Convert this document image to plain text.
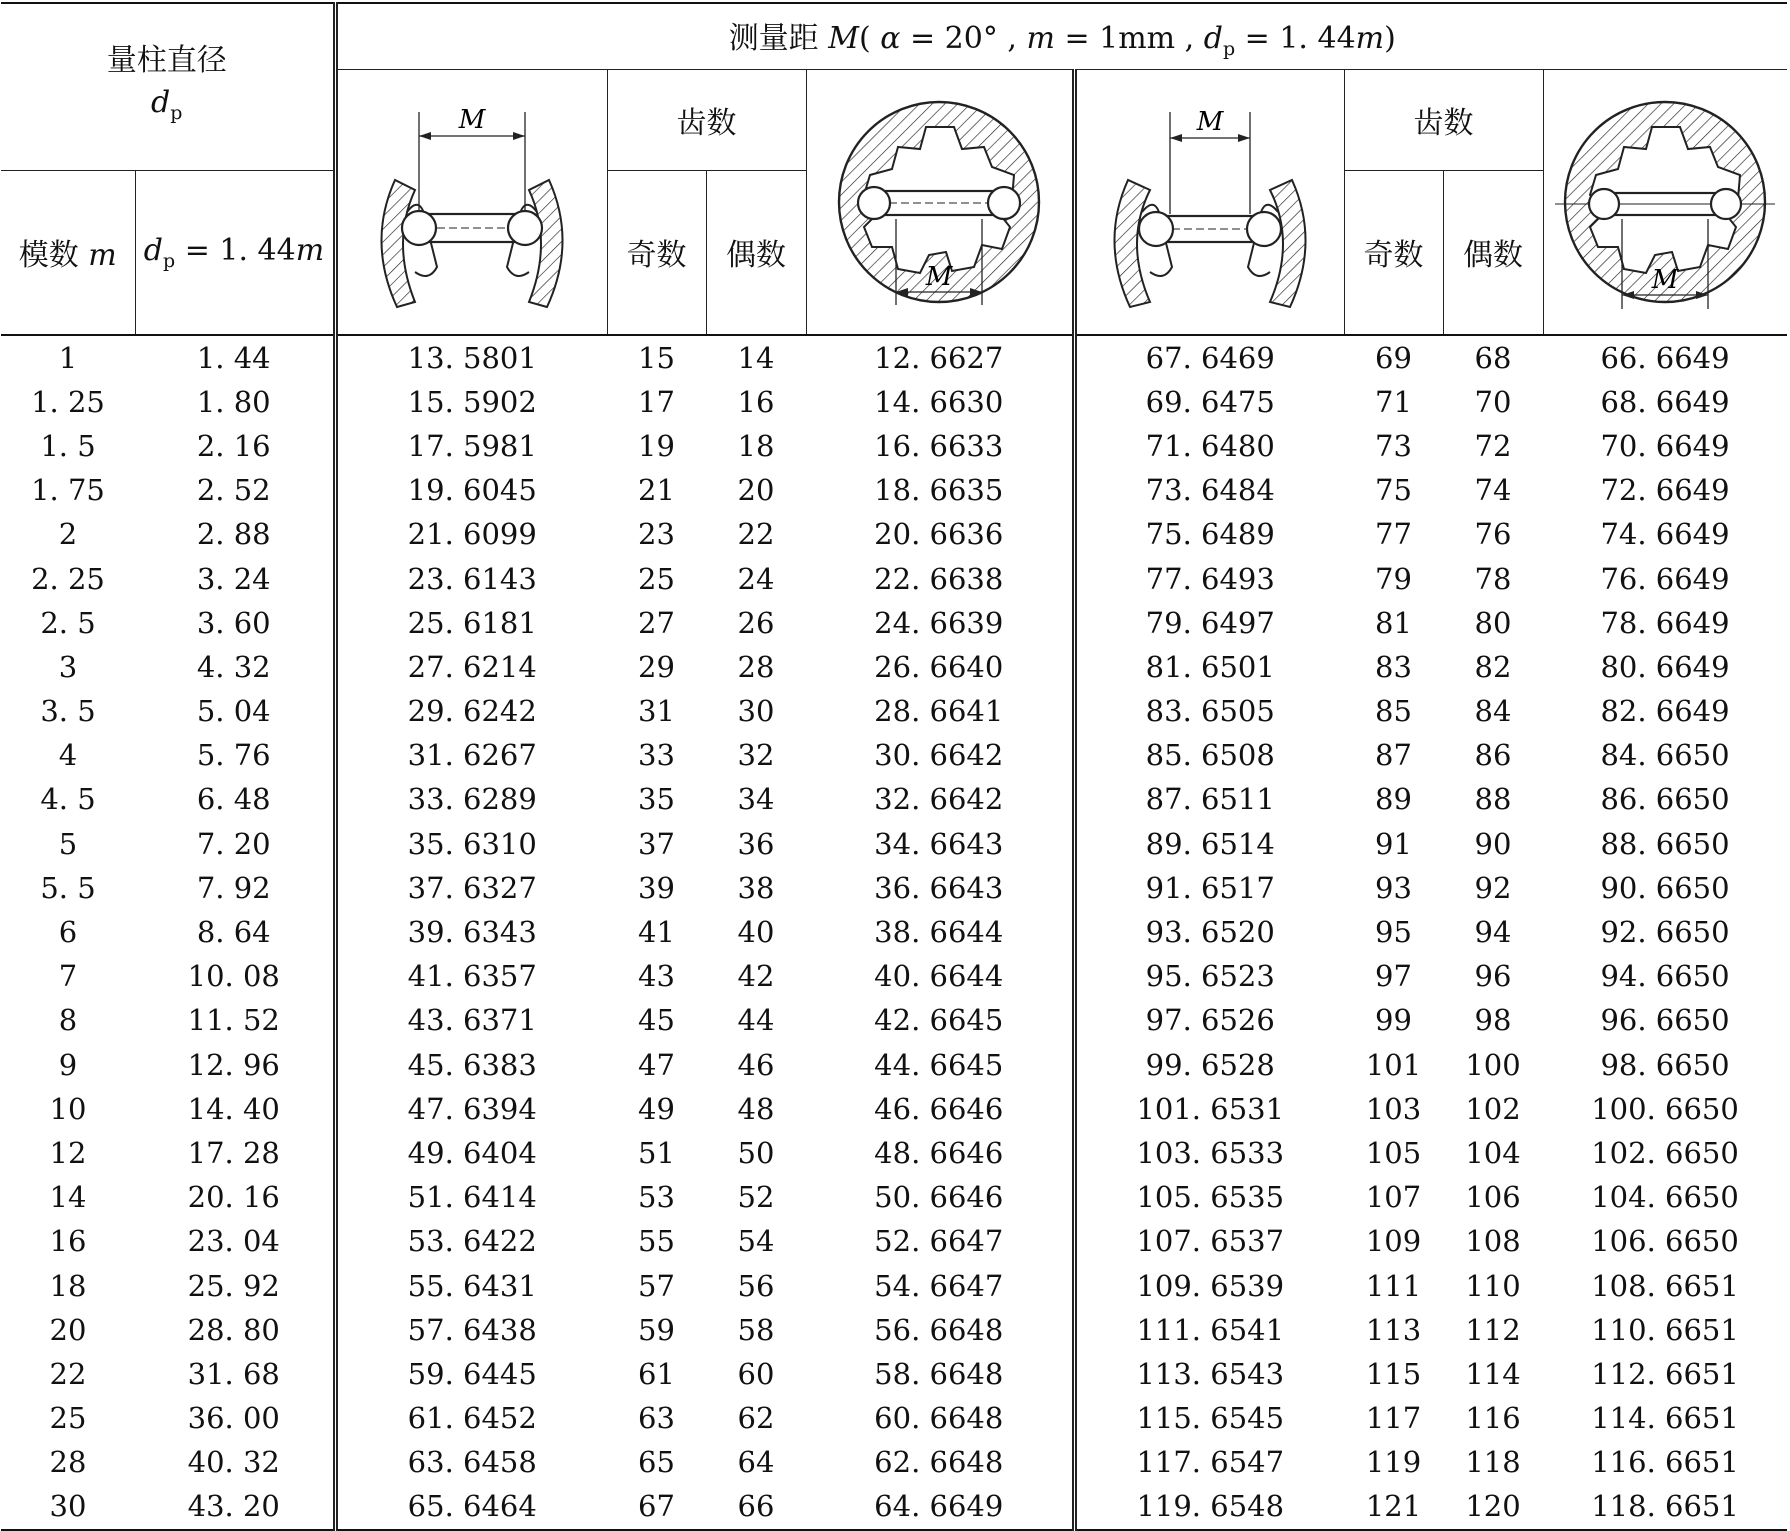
量柱直径
$d_p$		测量距 M( α = 20° , m = 1mm , $d_p = 1$. 44m)							

M	齿数		M	M	齿数		M

模数 m	$d_p = 1$. 44m		奇数	偶数			奇数	偶数	

1	1. 44	13. 5801	15	14	12. 6627	67. 6469	69	68	66. 6649
1. 25	1. 80	15. 5902	17	16	14. 6630	69. 6475	71	70	68. 6649
1. 5	2. 16	17. 5981	19	18	16. 6633	71. 6480	73	72	70. 6649
1. 75	2. 52	19. 6045	21	20	18. 6635	73. 6484	75	74	72. 6649
2	2. 88	21. 6099	23	22	20. 6636	75. 6489	77	76	74. 6649
2. 25	3. 24	23. 6143	25	24	22. 6638	77. 6493	79	78	76. 6649
2. 5	3. 60	25. 6181	27	26	24. 6639	79. 6497	81	80	78. 6649
3	4. 32	27. 6214	29	28	26. 6640	81. 6501	83	82	80. 6649
3. 5	5. 04	29. 6242	31	30	28. 6641	83. 6505	85	84	82. 6649
4	5. 76	31. 6267	33	32	30. 6642	85. 6508	87	86	84. 6650
4. 5	6. 48	33. 6289	35	34	32. 6642	87. 6511	89	88	86. 6650
5	7. 20	35. 6310	37	36	34. 6643	89. 6514	91	90	88. 6650
5. 5	7. 92	37. 6327	39	38	36. 6643	91. 6517	93	92	90. 6650
6	8. 64	39. 6343	41	40	38. 6644	93. 6520	95	94	92. 6650
7	10. 08	41. 6357	43	42	40. 6644	95. 6523	97	96	94. 6650
8	11. 52	43. 6371	45	44	42. 6645	97. 6526	99	98	96. 6650
9	12. 96	45. 6383	47	46	44. 6645	99. 6528	101	100	98. 6650
10	14. 40	47. 6394	49	48	46. 6646	101. 6531	103	102	100. 6650
12	17. 28	49. 6404	51	50	48. 6646	103. 6533	105	104	102. 6650
14	20. 16	51. 6414	53	52	50. 6646	105. 6535	107	106	104. 6650
16	23. 04	53. 6422	55	54	52. 6647	107. 6537	109	108	106. 6650
18	25. 92	55. 6431	57	56	54. 6647	109. 6539	111	110	108. 6651
20	28. 80	57. 6438	59	58	56. 6648	111. 6541	113	112	110. 6651
22	31. 68	59. 6445	61	60	58. 6648	113. 6543	115	114	112. 6651
25	36. 00	61. 6452	63	62	60. 6648	115. 6545	117	116	114. 6651
28	40. 32	63. 6458	65	64	62. 6648	117. 6547	119	118	116. 6651
30	43. 20	65. 6464	67	66	64. 6649	119. 6548	121	120	118. 6651
